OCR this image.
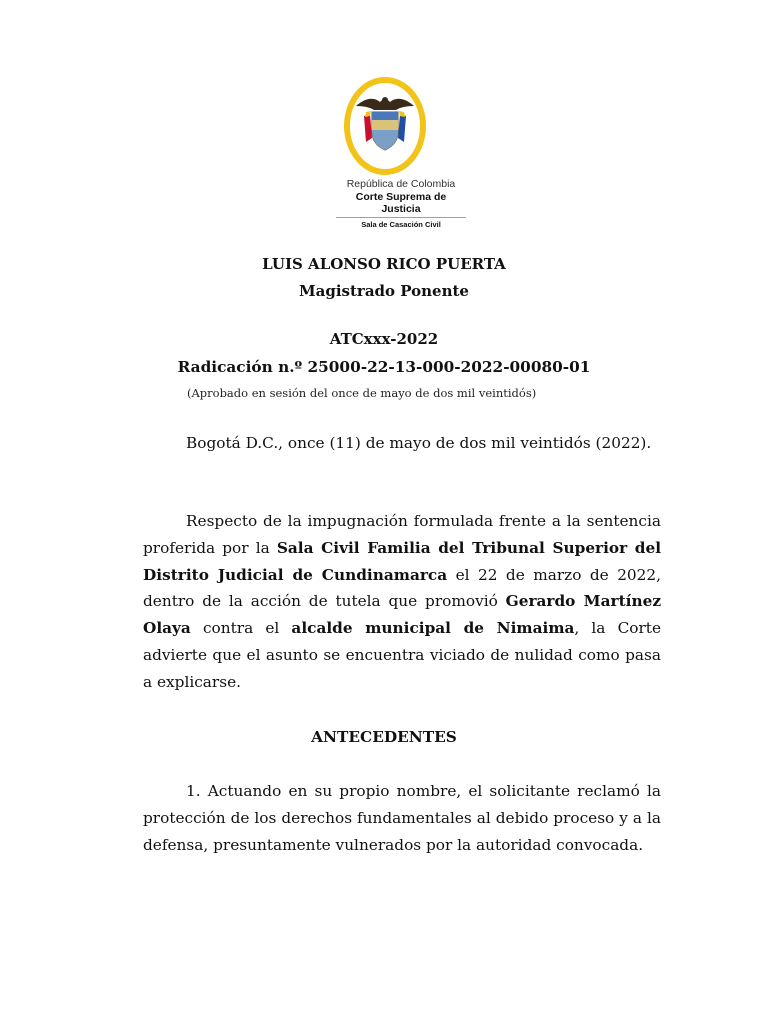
República de Colombia
Corte Suprema de Justicia
Sala de Casación Civil
LUIS ALONSO RICO PUERTA
Magistrado Ponente
ATCxxx-2022
Radicación n.º 25000-22-13-000-2022-00080-01
(Aprobado en sesión del once de mayo de dos mil veintidós)
Bogotá D.C., once (11) de mayo de dos mil veintidós (2022).
Respecto de la impugnación formulada frente a la sentencia proferida por la Sala Civil Familia del Tribunal Superior del Distrito Judicial de Cundinamarca el 22 de marzo de 2022, dentro de la acción de tutela que promovió Gerardo Martínez Olaya contra el alcalde municipal de Nimaima, la Corte advierte que el asunto se encuentra viciado de nulidad como pasa a explicarse.
ANTECEDENTES
1. Actuando en su propio nombre, el solicitante reclamó la protección de los derechos fundamentales al debido proceso y a la defensa, presuntamente vulnerados por la autoridad convocada.
